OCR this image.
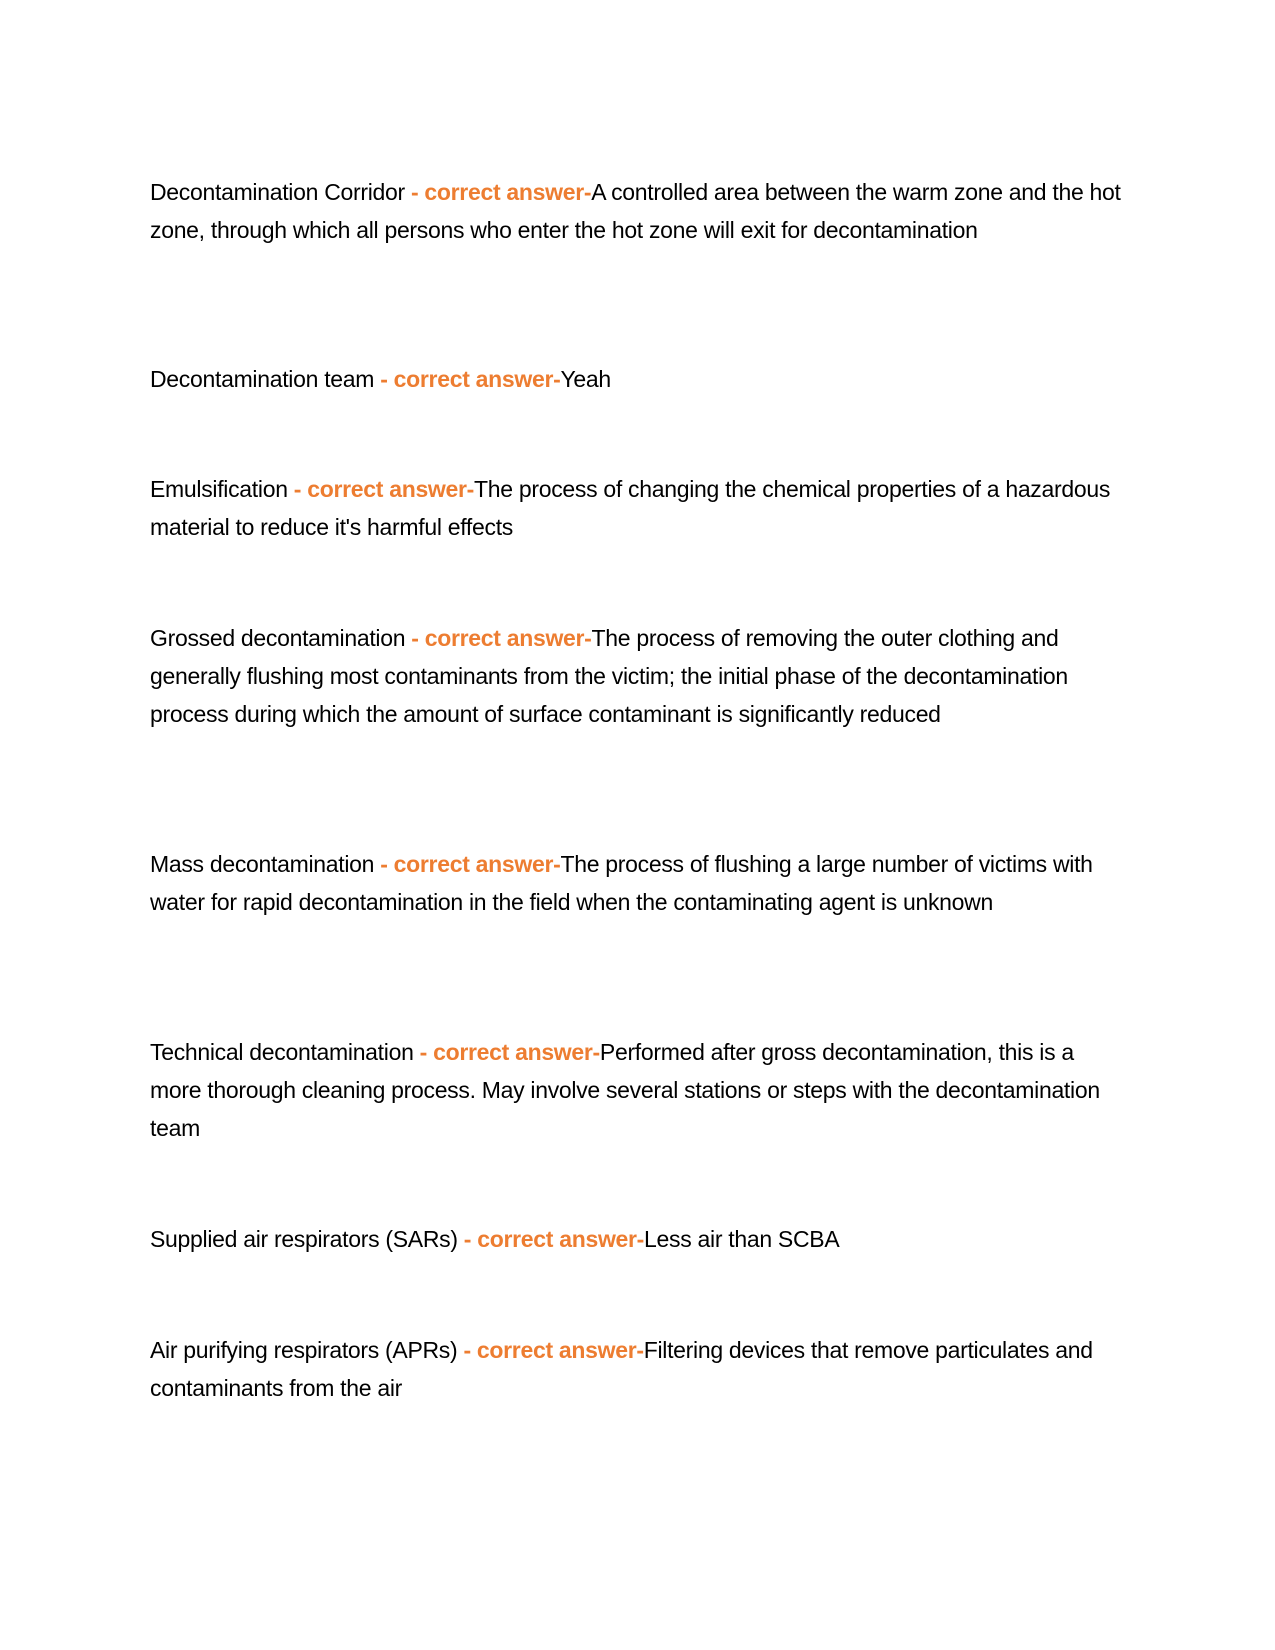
Decontamination Corridor - correct answer-A controlled area between the warm zone and the hot zone, through which all persons who enter the hot zone will exit for decontamination

Decontamination team - correct answer-Yeah

Emulsification - correct answer-The process of changing the chemical properties of a hazardous material to reduce it's harmful effects

Grossed decontamination - correct answer-The process of removing the outer clothing and generally flushing most contaminants from the victim; the initial phase of the decontamination process during which the amount of surface contaminant is significantly reduced

Mass decontamination - correct answer-The process of flushing a large number of victims with water for rapid decontamination in the field when the contaminating agent is unknown

Technical decontamination - correct answer-Performed after gross decontamination, this is a more thorough cleaning process. May involve several stations or steps with the decontamination team

Supplied air respirators (SARs) - correct answer-Less air than SCBA

Air purifying respirators (APRs) - correct answer-Filtering devices that remove particulates and contaminants from the air
